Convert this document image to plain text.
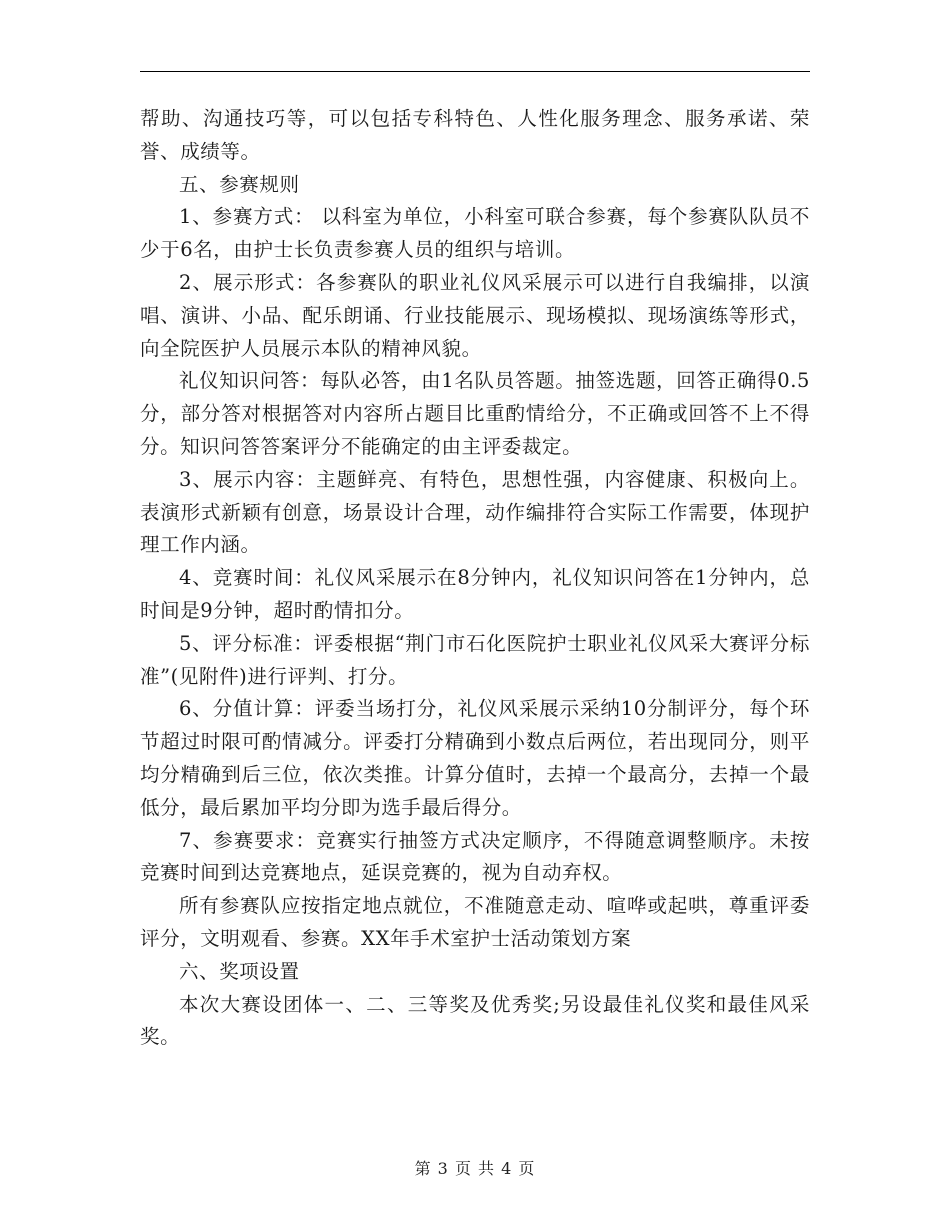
帮助、沟通技巧等，可以包括专科特色、人性化服务理念、服务承诺、荣誉、成绩等。

五、参赛规则

1、参赛方式： 以科室为单位，小科室可联合参赛，每个参赛队队员不少于6名，由护士长负责参赛人员的组织与培训。

2、展示形式：各参赛队的职业礼仪风采展示可以进行自我编排，以演唱、演讲、小品、配乐朗诵、行业技能展示、现场模拟、现场演练等形式，向全院医护人员展示本队的精神风貌。

礼仪知识问答：每队必答，由1名队员答题。抽签选题，回答正确得0.5分，部分答对根据答对内容所占题目比重酌情给分，不正确或回答不上不得分。知识问答答案评分不能确定的由主评委裁定。

3、展示内容：主题鲜亮、有特色，思想性强，内容健康、积极向上。表演形式新颖有创意，场景设计合理，动作编排符合实际工作需要，体现护理工作内涵。

4、竞赛时间：礼仪风采展示在8分钟内，礼仪知识问答在1分钟内，总时间是9分钟，超时酌情扣分。

5、评分标准：评委根据“荆门市石化医院护士职业礼仪风采大赛评分标准”(见附件)进行评判、打分。

6、分值计算：评委当场打分，礼仪风采展示采纳10分制评分，每个环节超过时限可酌情减分。评委打分精确到小数点后两位，若出现同分，则平均分精确到后三位，依次类推。计算分值时，去掉一个最高分，去掉一个最低分，最后累加平均分即为选手最后得分。

7、参赛要求：竞赛实行抽签方式决定顺序，不得随意调整顺序。未按竞赛时间到达竞赛地点，延误竞赛的，视为自动弃权。

所有参赛队应按指定地点就位，不准随意走动、喧哗或起哄，尊重评委评分，文明观看、参赛。XX年手术室护士活动策划方案

六、奖项设置

本次大赛设团体一、二、三等奖及优秀奖;另设最佳礼仪奖和最佳风采奖。

第 3 页 共 4 页
